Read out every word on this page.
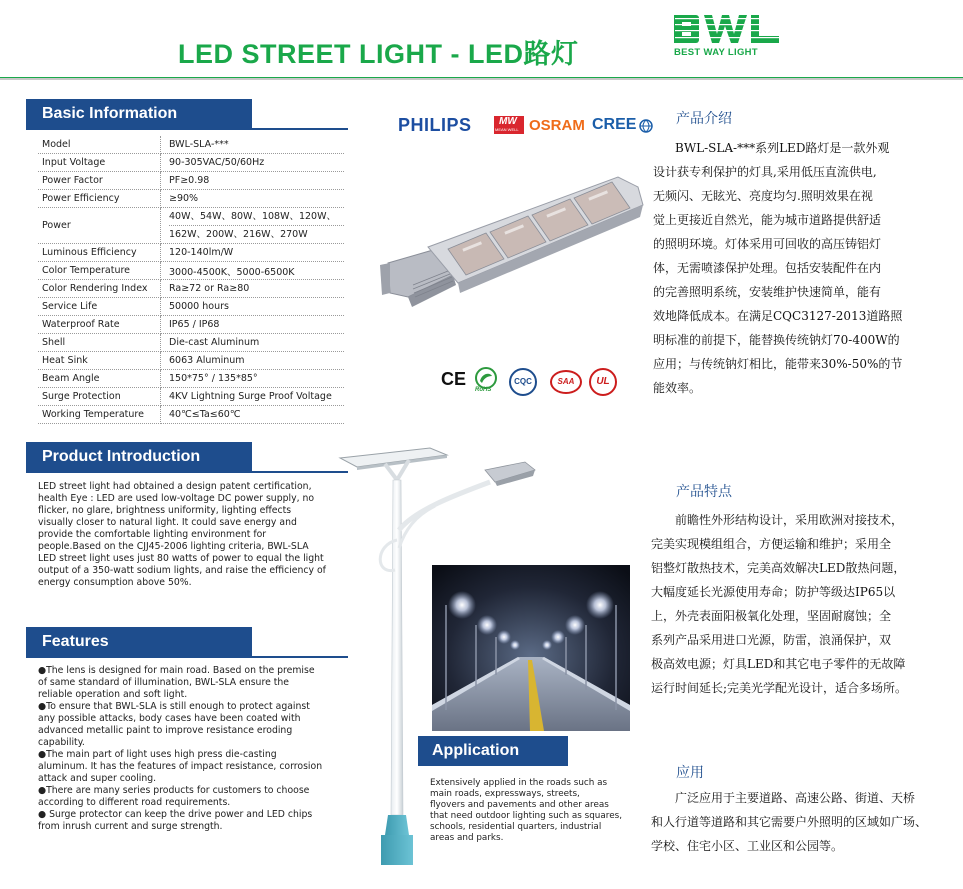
LED STREET LIGHT - LED路灯	BEST WAY LIGHT
Basic Information
Model	BWL-SLA-***
Input Voltage	90-305VAC/50/60Hz
Power Factor	PF≥0.98
Power Efficiency	≥90%
Power	40W、54W、80W、108W、120W、
162W、200W、216W、270W

Luminous Efficiency	120-140lm/W
Color Temperature	3000-4500K、5000-6500K
Color Rendering Index	Ra≥72 or Ra≥80
Service Life	50000 hours
Waterproof Rate	IP65 / IP68
Shell	Die-cast Aluminum
Heat Sink	6063 Aluminum
Beam Angle	150*75° / 135*85°
Surge Protection	4KV Lightning Surge Proof Voltage
Working Temperature	40℃≤Ta≤60℃
PHILIPS	MW
MEAN WELL OSRAM CREE
CE
RoHS
CQC	SAA	UL
产品介绍
BWL-SLA-***系列LED路灯是一款外观
设计获专利保护的灯具,采用低压直流供电,
无频闪、无眩光、亮度均匀.照明效果在视
觉上更接近自然光，能为城市道路提供舒适
的照明环境。灯体采用可回收的高压铸铝灯
体，无需喷漆保护处理。包括安装配件在内
的完善照明系统，安装维护快速简单，能有
效地降低成本。在满足CQC3127-2013道路照
明标准的前提下，能替换传统钠灯70-400W的
应用；与传统钠灯相比，能带来30%-50%的节
能效率。
Product Introduction
LED street light had obtained a design patent certification,
health Eye : LED are used low-voltage DC power supply, no
flicker, no glare, brightness uniformity, lighting effects
visually closer to natural light. It could save energy and
provide the comfortable lighting environment for
people.Based on the CJJ45-2006 lighting criteria, BWL-SLA
LED street light uses just 80 watts of power to equal the light
output of a 350-watt sodium lights, and raise the efficiency of
energy consumption above 50%.
Features
●The lens is designed for main road. Based on the premise
of same standard of illumination, BWL-SLA ensure the
reliable operation and soft light.
●To ensure that BWL-SLA is still enough to protect against
any possible attacks, body cases have been coated with
advanced metallic paint to improve resistance eroding
capability.
●The main part of light uses high press die-casting
aluminum. It has the features of impact resistance, corrosion
attack and super cooling.
●There are many series products for customers to choose
according to different road requirements.
● Surge protector can keep the drive power and LED chips
from inrush current and surge strength.
Application
Extensively applied in the roads such as
main roads, expressways, streets,
flyovers and pavements and other areas
that need outdoor lighting such as squares,
schools, residential quarters, industrial
areas and parks.
产品特点
前瞻性外形结构设计，采用欧洲对接技术，
完美实现模组组合，方便运输和维护；采用全
铝整灯散热技术，完美高效解决LED散热问题，
大幅度延长光源使用寿命；防护等级达IP65以
上，外壳表面阳极氧化处理，坚固耐腐蚀；全
系列产品采用进口光源，防雷，浪涌保护，双
极高效电源；灯具LED和其它电子零件的无故障
运行时间延长;完美光学配光设计，适合多场所。
应用
广泛应用于主要道路、高速公路、街道、天桥
和人行道等道路和其它需要户外照明的区域如广场、
学校、住宅小区、工业区和公园等。
